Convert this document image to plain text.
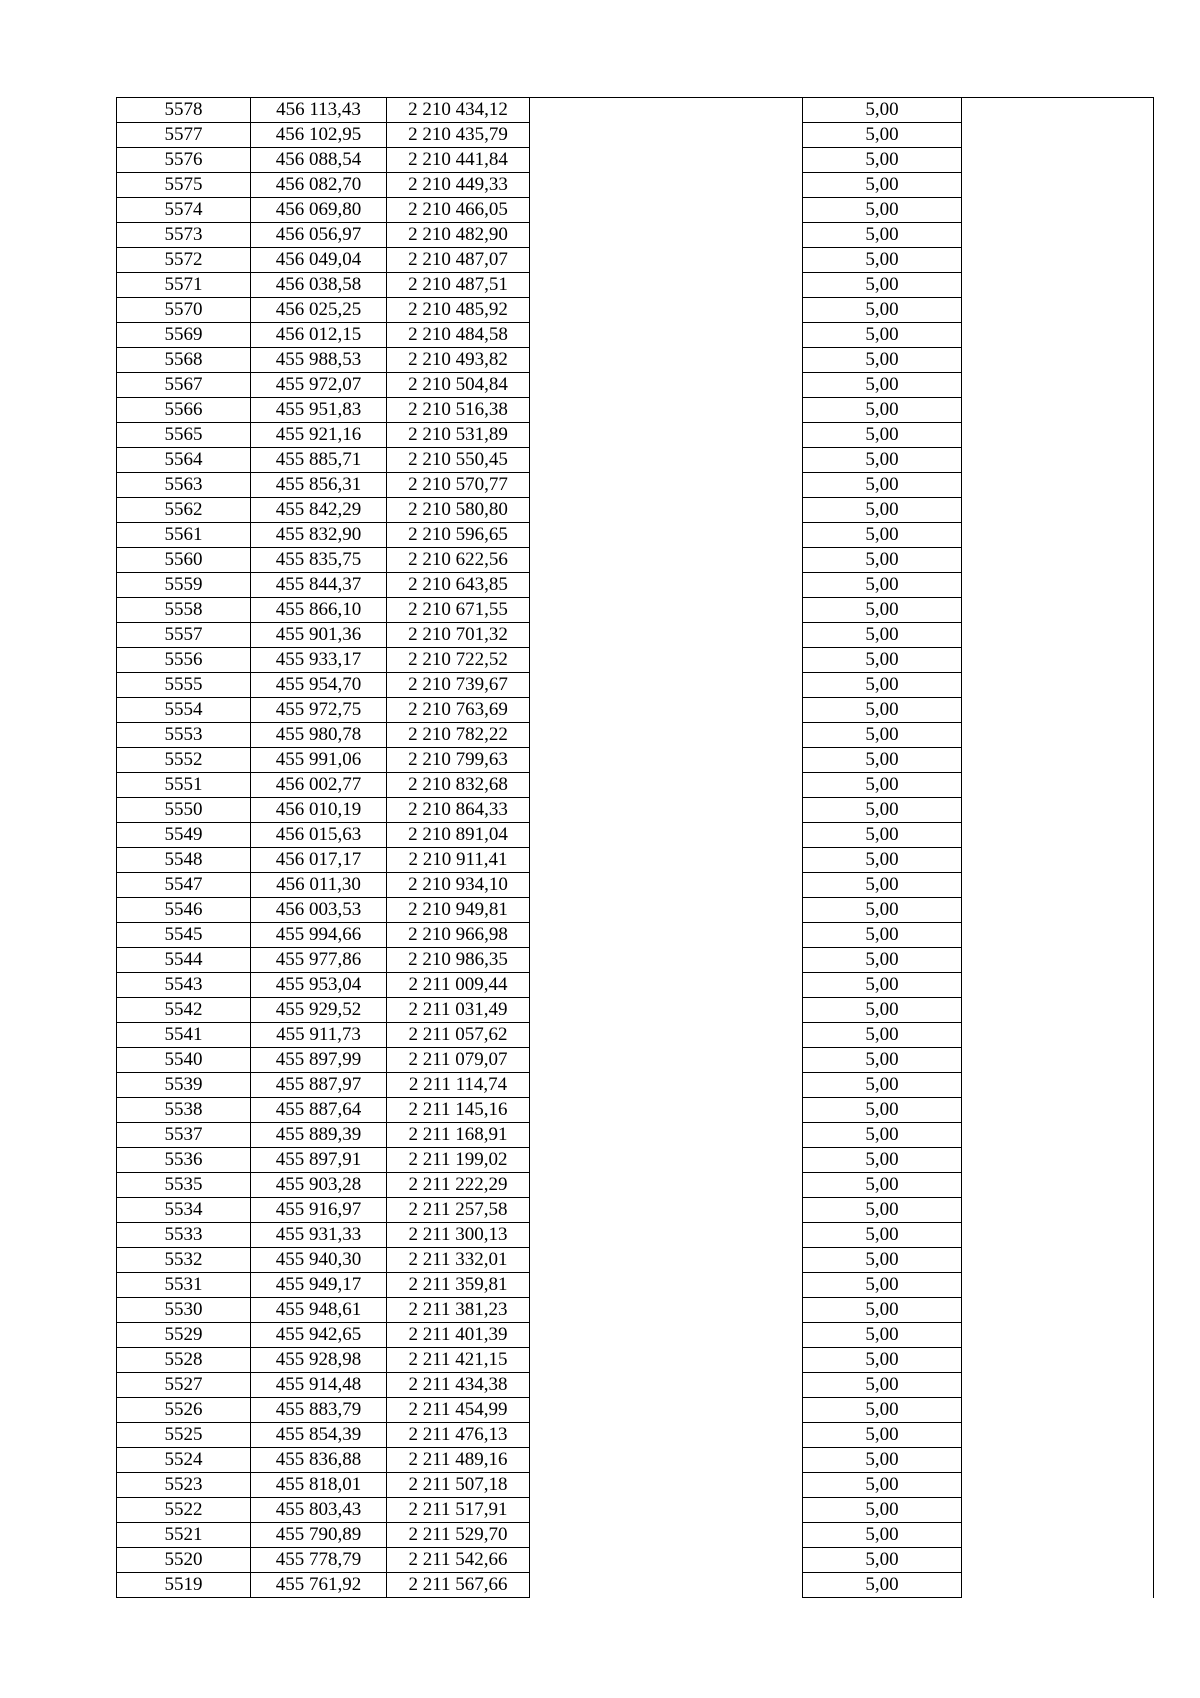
5578	456 113,43	2 210 434,12		5,00	
5577	456 102,95	2 210 435,79		5,00	
5576	456 088,54	2 210 441,84		5,00	
5575	456 082,70	2 210 449,33		5,00	
5574	456 069,80	2 210 466,05		5,00	
5573	456 056,97	2 210 482,90		5,00	
5572	456 049,04	2 210 487,07		5,00	
5571	456 038,58	2 210 487,51		5,00	
5570	456 025,25	2 210 485,92		5,00	
5569	456 012,15	2 210 484,58		5,00	
5568	455 988,53	2 210 493,82		5,00	
5567	455 972,07	2 210 504,84		5,00	
5566	455 951,83	2 210 516,38		5,00	
5565	455 921,16	2 210 531,89		5,00	
5564	455 885,71	2 210 550,45		5,00	
5563	455 856,31	2 210 570,77		5,00	
5562	455 842,29	2 210 580,80		5,00	
5561	455 832,90	2 210 596,65		5,00	
5560	455 835,75	2 210 622,56		5,00	
5559	455 844,37	2 210 643,85		5,00	
5558	455 866,10	2 210 671,55		5,00	
5557	455 901,36	2 210 701,32		5,00	
5556	455 933,17	2 210 722,52		5,00	
5555	455 954,70	2 210 739,67		5,00	
5554	455 972,75	2 210 763,69		5,00	
5553	455 980,78	2 210 782,22		5,00	
5552	455 991,06	2 210 799,63		5,00	
5551	456 002,77	2 210 832,68		5,00	
5550	456 010,19	2 210 864,33		5,00	
5549	456 015,63	2 210 891,04		5,00	
5548	456 017,17	2 210 911,41		5,00	
5547	456 011,30	2 210 934,10		5,00	
5546	456 003,53	2 210 949,81		5,00	
5545	455 994,66	2 210 966,98		5,00	
5544	455 977,86	2 210 986,35		5,00	
5543	455 953,04	2 211 009,44		5,00	
5542	455 929,52	2 211 031,49		5,00	
5541	455 911,73	2 211 057,62		5,00	
5540	455 897,99	2 211 079,07		5,00	
5539	455 887,97	2 211 114,74		5,00	
5538	455 887,64	2 211 145,16		5,00	
5537	455 889,39	2 211 168,91		5,00	
5536	455 897,91	2 211 199,02		5,00	
5535	455 903,28	2 211 222,29		5,00	
5534	455 916,97	2 211 257,58		5,00	
5533	455 931,33	2 211 300,13		5,00	
5532	455 940,30	2 211 332,01		5,00	
5531	455 949,17	2 211 359,81		5,00	
5530	455 948,61	2 211 381,23		5,00	
5529	455 942,65	2 211 401,39		5,00	
5528	455 928,98	2 211 421,15		5,00	
5527	455 914,48	2 211 434,38		5,00	
5526	455 883,79	2 211 454,99		5,00	
5525	455 854,39	2 211 476,13		5,00	
5524	455 836,88	2 211 489,16		5,00	
5523	455 818,01	2 211 507,18		5,00	
5522	455 803,43	2 211 517,91		5,00	
5521	455 790,89	2 211 529,70		5,00	
5520	455 778,79	2 211 542,66		5,00	
5519	455 761,92	2 211 567,66		5,00	
